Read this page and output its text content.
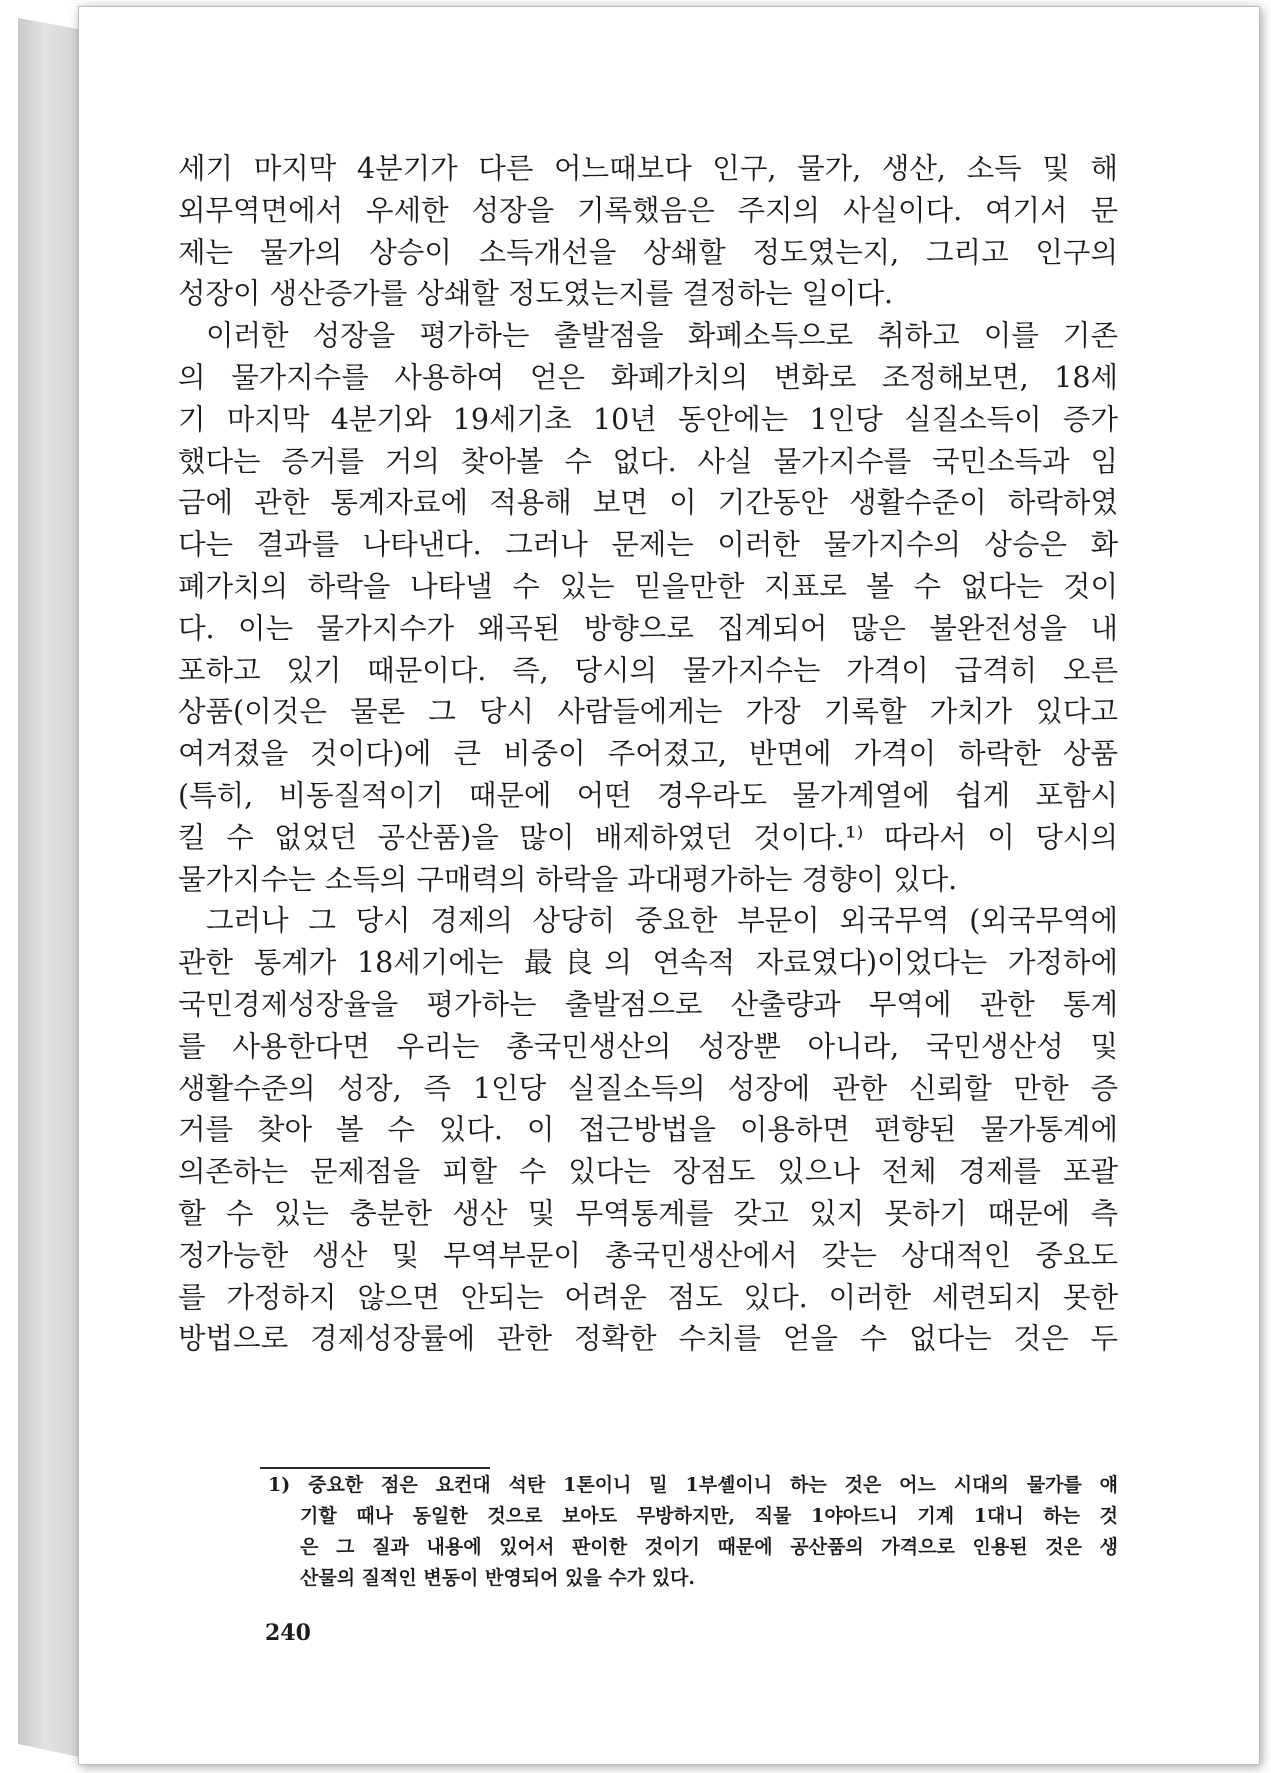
세기 마지막 4분기가 다른 어느때보다 인구, 물가, 생산, 소득 및 해
외무역면에서 우세한 성장을 기록했음은 주지의 사실이다. 여기서 문
제는 물가의 상승이 소득개선을 상쇄할 정도였는지, 그리고 인구의
성장이 생산증가를 상쇄할 정도였는지를 결정하는 일이다.
이러한 성장을 평가하는 출발점을 화폐소득으로 취하고 이를 기존
의 물가지수를 사용하여 얻은 화폐가치의 변화로 조정해보면, 18세
기 마지막 4분기와 19세기초 10년 동안에는 1인당 실질소득이 증가
했다는 증거를 거의 찾아볼 수 없다. 사실 물가지수를 국민소득과 임
금에 관한 통계자료에 적용해 보면 이 기간동안 생활수준이 하락하였
다는 결과를 나타낸다. 그러나 문제는 이러한 물가지수의 상승은 화
폐가치의 하락을 나타낼 수 있는 믿을만한 지표로 볼 수 없다는 것이
다. 이는 물가지수가 왜곡된 방향으로 집계되어 많은 불완전성을 내
포하고 있기 때문이다. 즉, 당시의 물가지수는 가격이 급격히 오른
상품(이것은 물론 그 당시 사람들에게는 가장 기록할 가치가 있다고
여겨졌을 것이다)에 큰 비중이 주어졌고, 반면에 가격이 하락한 상품
(특히, 비동질적이기 때문에 어떤 경우라도 물가계열에 쉽게 포함시
킬 수 없었던 공산품)을 많이 배제하였던 것이다.¹⁾ 따라서 이 당시의
물가지수는 소득의 구매력의 하락을 과대평가하는 경향이 있다.
그러나 그 당시 경제의 상당히 중요한 부문이 외국무역 (외국무역에
관한 통계가 18세기에는 最良의 연속적 자료였다)이었다는 가정하에
국민경제성장율을 평가하는 출발점으로 산출량과 무역에 관한 통계
를 사용한다면 우리는 총국민생산의 성장뿐 아니라, 국민생산성 및
생활수준의 성장, 즉 1인당 실질소득의 성장에 관한 신뢰할 만한 증
거를 찾아 볼 수 있다. 이 접근방법을 이용하면 편향된 물가통계에
의존하는 문제점을 피할 수 있다는 장점도 있으나 전체 경제를 포괄
할 수 있는 충분한 생산 및 무역통계를 갖고 있지 못하기 때문에 측
정가능한 생산 및 무역부문이 총국민생산에서 갖는 상대적인 중요도
를 가정하지 않으면 안되는 어려운 점도 있다. 이러한 세련되지 못한
방법으로 경제성장률에 관한 정확한 수치를 얻을 수 없다는 것은 두
1) 중요한 점은 요컨대 석탄 1톤이니 밀 1부셸이니 하는 것은 어느 시대의 물가를 얘
기할 때나 동일한 것으로 보아도 무방하지만, 직물 1야아드니 기계 1대니 하는 것
은 그 질과 내용에 있어서 판이한 것이기 때문에 공산품의 가격으로 인용된 것은 생
산물의 질적인 변동이 반영되어 있을 수가 있다.
240
